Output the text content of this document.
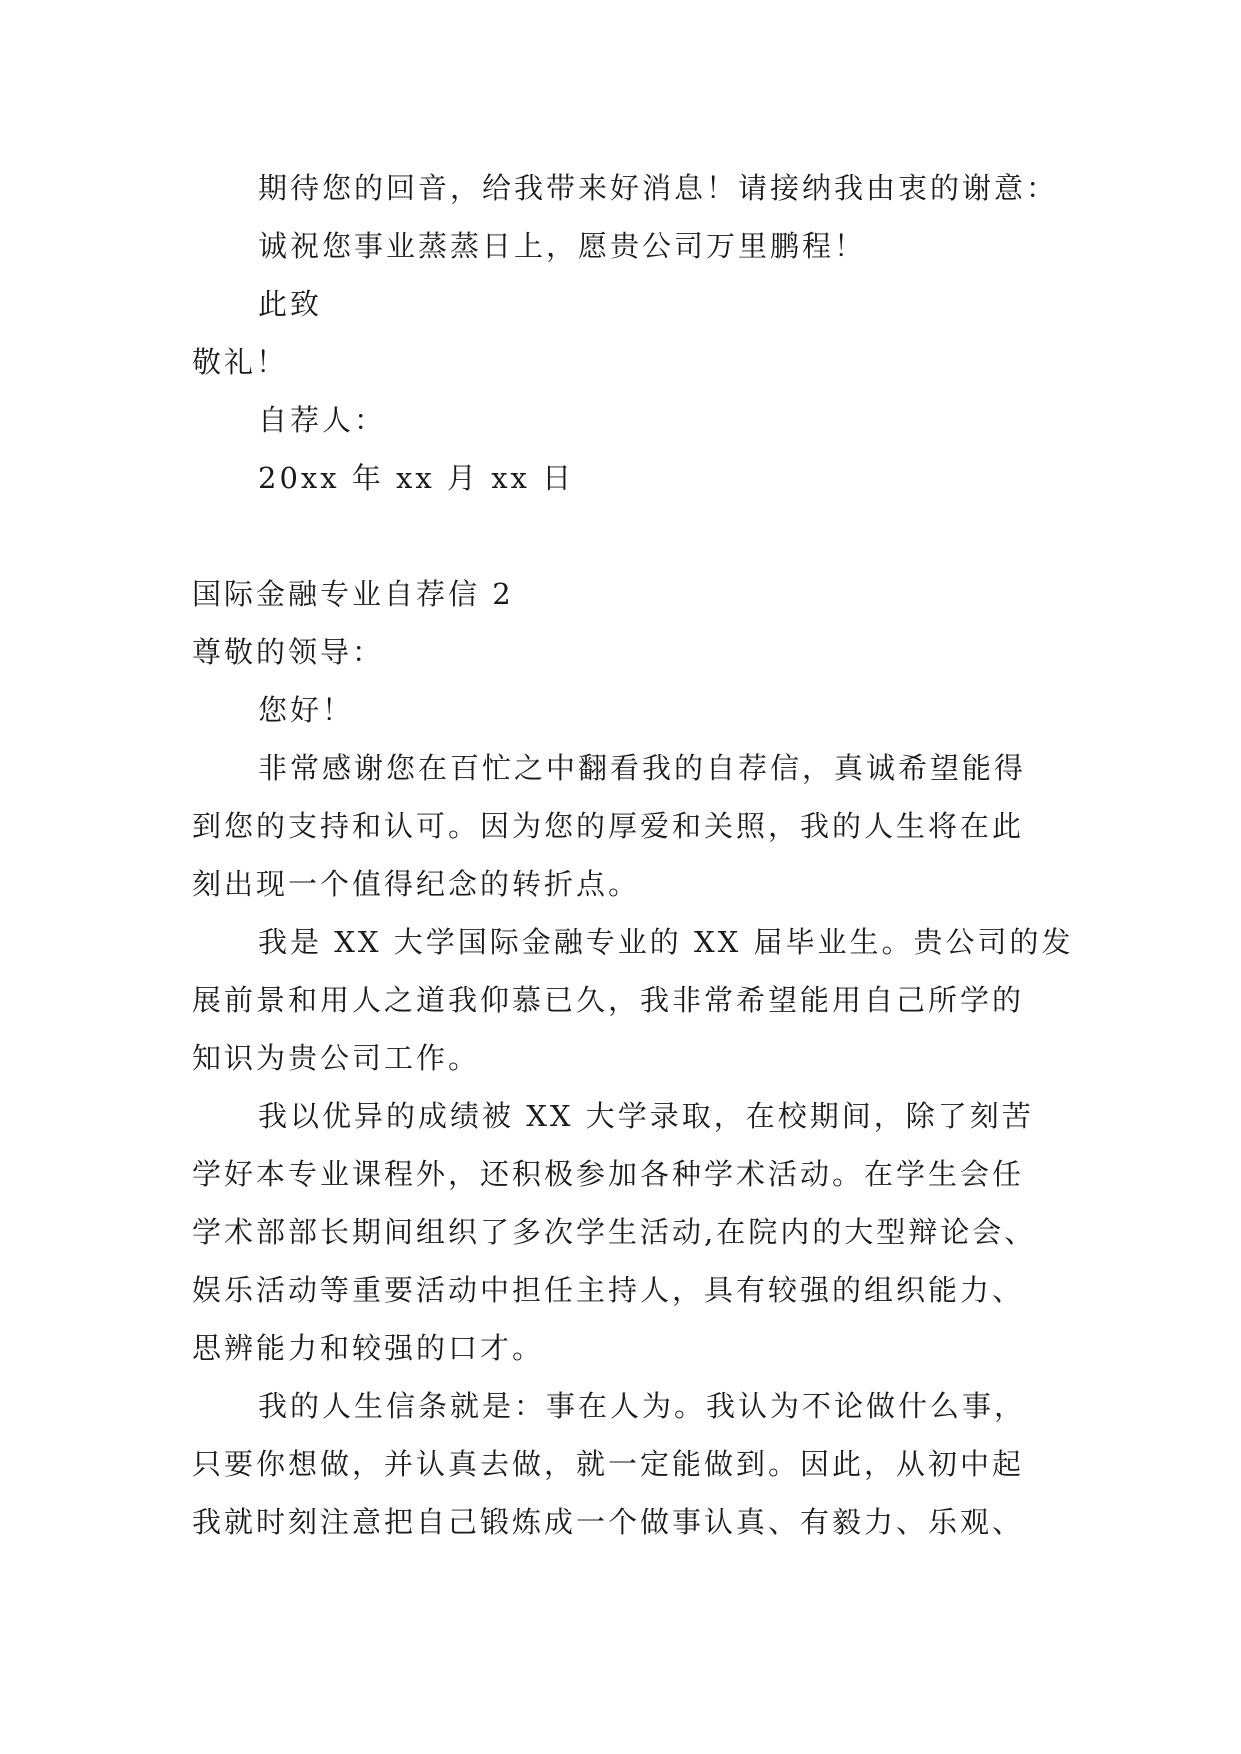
期待您的回音，给我带来好消息！请接纳我由衷的谢意：
诚祝您事业蒸蒸日上，愿贵公司万里鹏程！
此致
敬礼！
自荐人：
20xx 年 xx 月 xx 日
国际金融专业自荐信 2
尊敬的领导：
您好！
非常感谢您在百忙之中翻看我的自荐信，真诚希望能得
到您的支持和认可。因为您的厚爱和关照，我的人生将在此
刻出现一个值得纪念的转折点。
我是 XX 大学国际金融专业的 XX 届毕业生。贵公司的发
展前景和用人之道我仰慕已久，我非常希望能用自己所学的
知识为贵公司工作。
我以优异的成绩被 XX 大学录取，在校期间，除了刻苦
学好本专业课程外，还积极参加各种学术活动。在学生会任
学术部部长期间组织了多次学生活动,在院内的大型辩论会、
娱乐活动等重要活动中担任主持人，具有较强的组织能力、
思辨能力和较强的口才。
我的人生信条就是：事在人为。我认为不论做什么事，
只要你想做，并认真去做，就一定能做到。因此，从初中起
我就时刻注意把自己锻炼成一个做事认真、有毅力、乐观、
